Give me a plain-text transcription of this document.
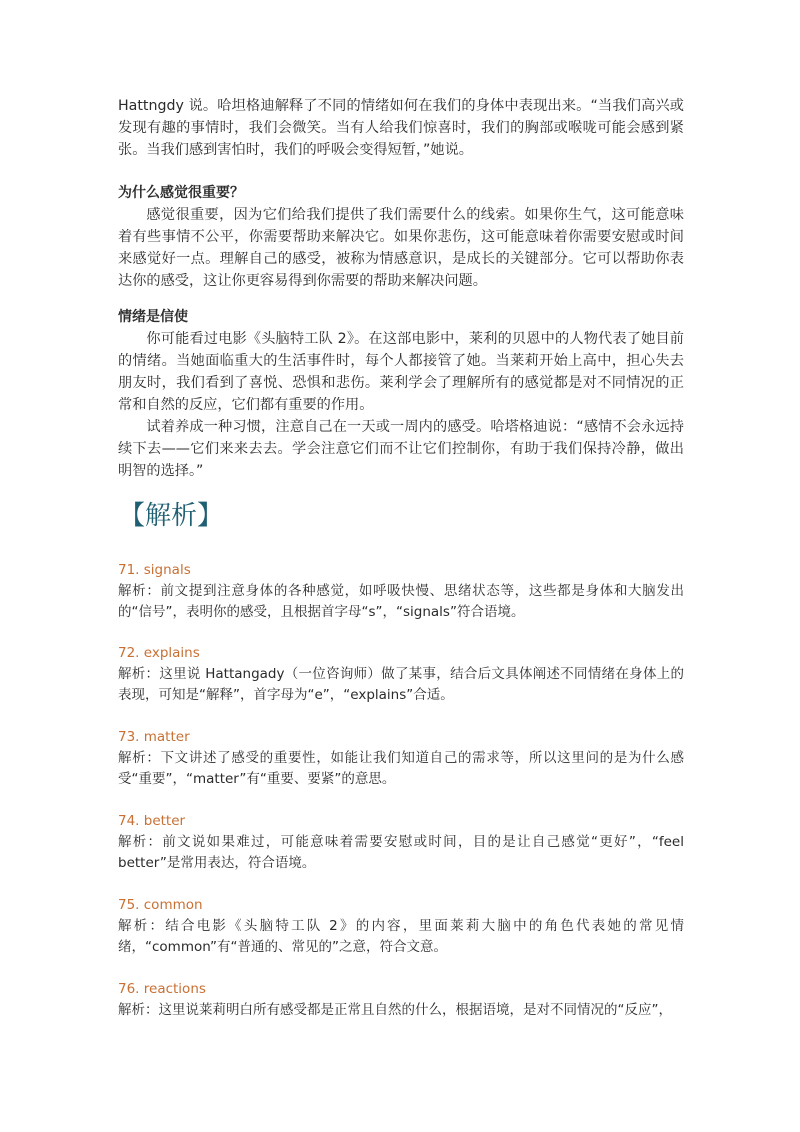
Hattngdy 说。哈坦格迪解释了不同的情绪如何在我们的身体中表现出来。“当我们高兴或发现有趣的事情时，我们会微笑。当有人给我们惊喜时，我们的胸部或喉咙可能会感到紧张。当我们感到害怕时，我们的呼吸会变得短暂，”她说。

为什么感觉很重要？

感觉很重要，因为它们给我们提供了我们需要什么的线索。如果你生气，这可能意味着有些事情不公平，你需要帮助来解决它。如果你悲伤，这可能意味着你需要安慰或时间来感觉好一点。理解自己的感受，被称为情感意识，是成长的关键部分。它可以帮助你表达你的感受，这让你更容易得到你需要的帮助来解决问题。

情绪是信使

你可能看过电影《头脑特工队 2》。在这部电影中，莱利的贝恩中的人物代表了她目前的情绪。当她面临重大的生活事件时，每个人都接管了她。当莱莉开始上高中，担心失去朋友时，我们看到了喜悦、恐惧和悲伤。莱利学会了理解所有的感觉都是对不同情况的正常和自然的反应，它们都有重要的作用。

试着养成一种习惯，注意自己在一天或一周内的感受。哈塔格迪说：“感情不会永远持续下去——它们来来去去。学会注意它们而不让它们控制你，有助于我们保持冷静，做出明智的选择。”

【解析】

71. signals

解析：前文提到注意身体的各种感觉，如呼吸快慢、思绪状态等，这些都是身体和大脑发出的“信号”，表明你的感受，且根据首字母“s”，“signals”符合语境。

72. explains

解析：这里说 Hattangady（一位咨询师）做了某事，结合后文具体阐述不同情绪在身体上的表现，可知是“解释”，首字母为“e”，“explains”合适。

73. matter

解析：下文讲述了感受的重要性，如能让我们知道自己的需求等，所以这里问的是为什么感受“重要”，“matter”有“重要、要紧”的意思。

74. better

解析：前文说如果难过，可能意味着需要安慰或时间，目的是让自己感觉“更好”，“feel better”是常用表达，符合语境。

75. common

解析：结合电影《头脑特工队 2》的内容，里面莱莉大脑中的角色代表她的常见情绪，“common”有“普通的、常见的”之意，符合文意。

76. reactions

解析：这里说莱莉明白所有感受都是正常且自然的什么，根据语境，是对不同情况的“反应”，
